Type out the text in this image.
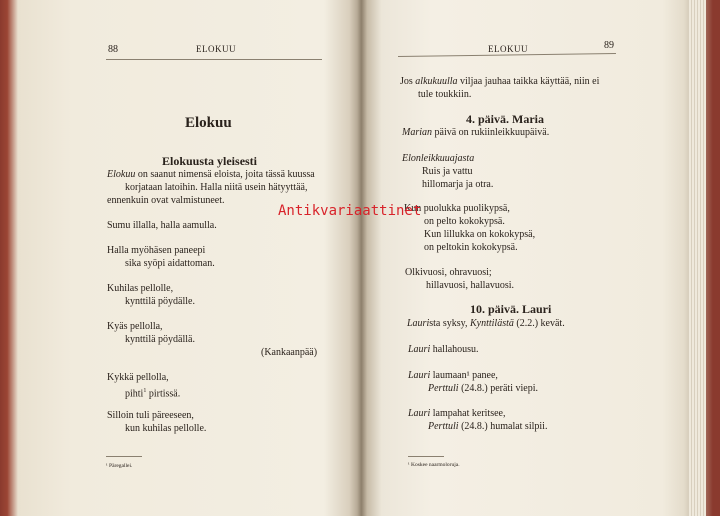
88	ELOKUU
Elokuu
Elokuusta yleisesti
Elokuu on saanut nimensä eloista, joita tässä kuussa
korjataan latoihin. Halla niitä usein hätyyttää,
ennenkuin ovat valmistuneet.
Sumu illalla, halla aamulla.
Halla myöhäsen paneepi
sika syöpi aidattoman.
Kuhilas pellolle,
kynttilä pöydälle.
Kyäs pellolla,
kynttilä pöydällä.
(Kankaanpää)
Kykkä pellolla,
pihti$^1$ pirtissä.
Silloin tuli päreeseen,
kun kuhilas pellolle.
¹ Päregallei.
ELOKUU	89
Jos alkukuulla viljaa jauhaa taikka käyttää, niin ei
tule toukkiin.
4. päivä. Maria
Marian päivä on rukiinleikkuupäivä.
Elonleikkuuajasta
Ruis ja vattu
hillomarja ja otra.
Kun puolukka puolikypsä,
on pelto kokokypsä.
Kun lillukka on kokokypsä,
on peltokin kokokypsä.
Olkivuosi, ohravuosi;
hillavuosi, hallavuosi.
10. päivä. Lauri
Laurista syksy, Kynttilästä (2.2.) kevät.
Lauri hallahousu.
Lauri laumaan¹ panee,
Perttuli (24.8.) peräti viepi.
Lauri lampahat keritsee,
Perttuli (24.8.) humalat silpii.
¹ Koskee naarmoloruja.
Antikvariaattinet
